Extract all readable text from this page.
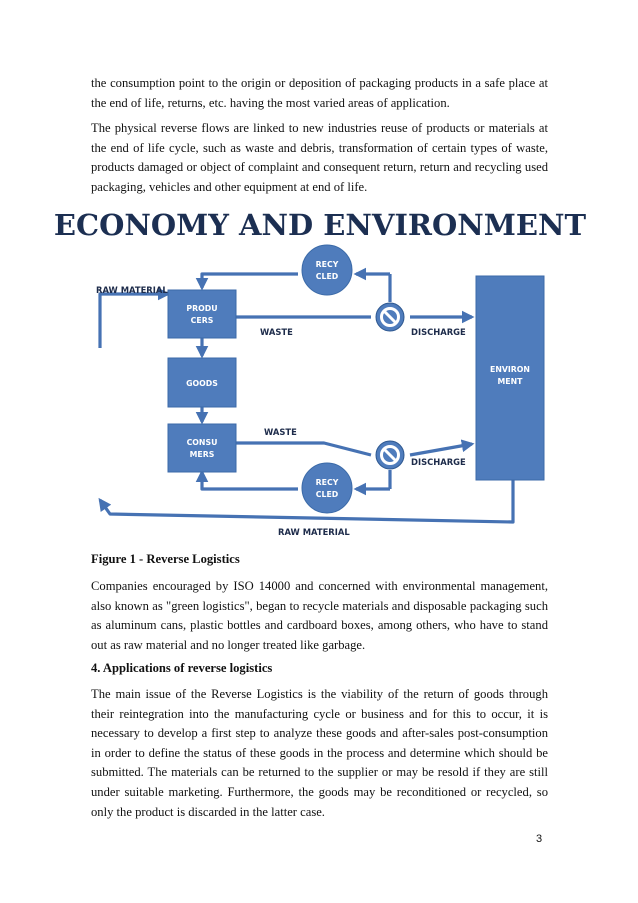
the consumption point to the origin or deposition of packaging products in a safe place at the end of life, returns, etc. having the most varied areas of application.

The physical reverse flows are linked to new industries reuse of products or materials at the end of life cycle, such as waste and debris, transformation of certain types of waste, products damaged or object of complaint and consequent return, return and recycling used packaging, vehicles and other equipment at end of life.

ECONOMY AND ENVIRONMENT
PRODU
CERS
GOODS
CONSU
MERS
ENVIRON
MENT
RECY
CLED
RECY
CLED
RAW MATERIAL
WASTE	DISCHARGE
WASTE
DISCHARGE
RAW MATERIAL

Figure 1 - Reverse Logistics

Companies encouraged by ISO 14000 and concerned with environmental management, also known as "green logistics", began to recycle materials and disposable packaging such as aluminum cans, plastic bottles and cardboard boxes, among others, who have to stand out as raw material and no longer treated like garbage.

4. Applications of reverse logistics

The main issue of the Reverse Logistics is the viability of the return of goods through their reintegration into the manufacturing cycle or business and for this to occur, it is necessary to develop a first step to analyze these goods and after-sales post-consumption in order to define the status of these goods in the process and determine which should be submitted. The materials can be returned to the supplier or may be resold if they are still under suitable marketing. Furthermore, the goods may be reconditioned or recycled, so only the product is discarded in the latter case.

3
